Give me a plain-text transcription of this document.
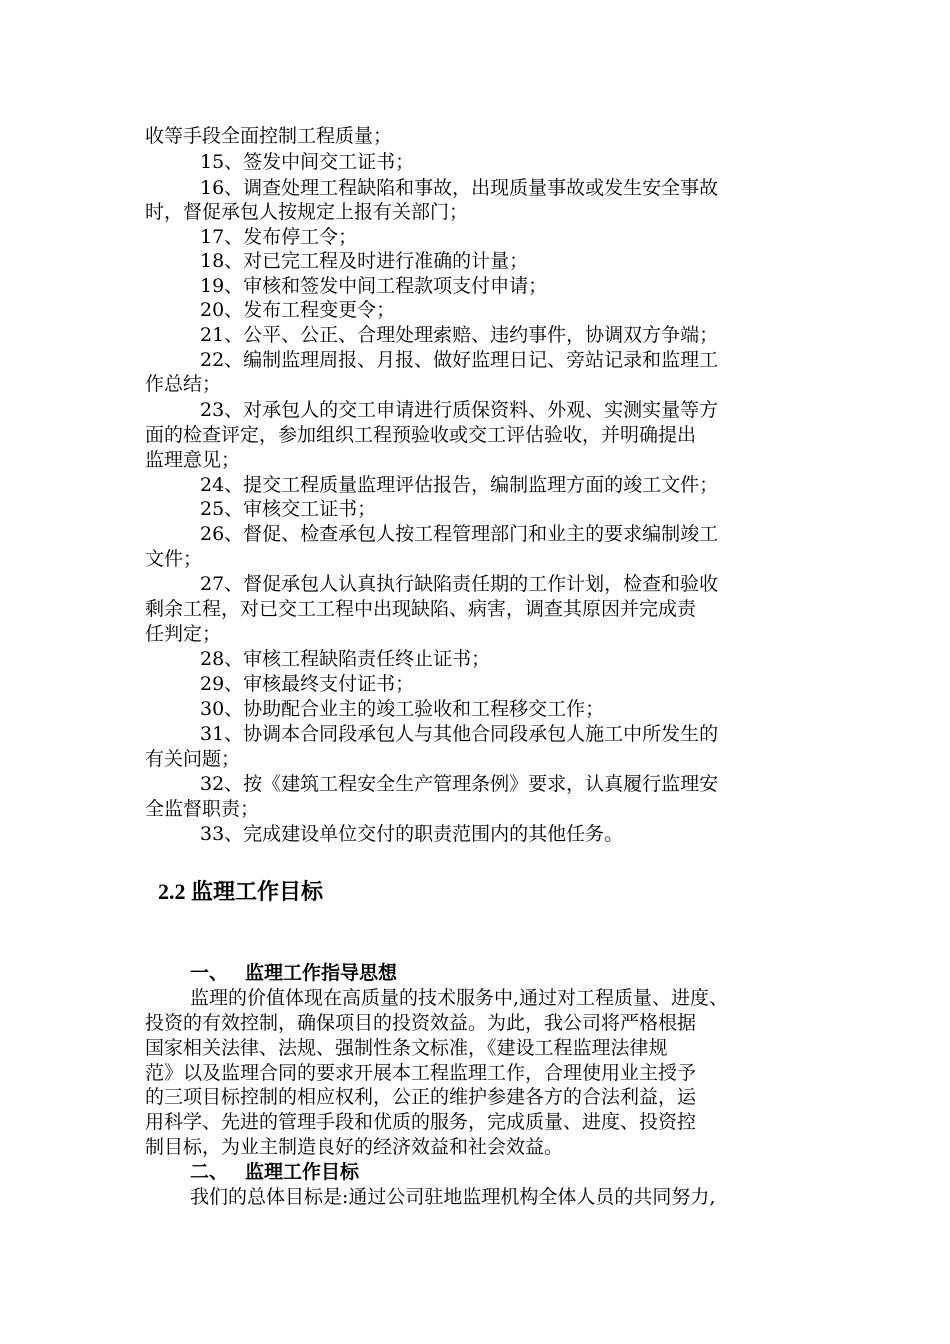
收等手段全面控制工程质量；
15、签发中间交工证书；
16、调查处理工程缺陷和事故，出现质量事故或发生安全事故
时，督促承包人按规定上报有关部门；
17、发布停工令；
18、对已完工程及时进行准确的计量；
19、审核和签发中间工程款项支付申请；
20、发布工程变更令；
21、公平、公正、合理处理索赔、违约事件，协调双方争端；
22、编制监理周报、月报、做好监理日记、旁站记录和监理工
作总结；
23、对承包人的交工申请进行质保资料、外观、实测实量等方
面的检查评定，参加组织工程预验收或交工评估验收，并明确提出
监理意见；
24、提交工程质量监理评估报告，编制监理方面的竣工文件；
25、审核交工证书；
26、督促、检查承包人按工程管理部门和业主的要求编制竣工
文件；
27、督促承包人认真执行缺陷责任期的工作计划，检查和验收
剩余工程，对已交工工程中出现缺陷、病害，调查其原因并完成责
任判定；
28、审核工程缺陷责任终止证书；
29、审核最终支付证书；
30、协助配合业主的竣工验收和工程移交工作；
31、协调本合同段承包人与其他合同段承包人施工中所发生的
有关问题；
32、按《建筑工程安全生产管理条例》要求，认真履行监理安
全监督职责；
33、完成建设单位交付的职责范围内的其他任务。
2.2 监理工作目标
一、 监理工作指导思想
监理的价值体现在高质量的技术服务中,通过对工程质量、进度、
投资的有效控制，确保项目的投资效益。为此，我公司将严格根据
国家相关法律、法规、强制性条文标准，《建设工程监理法律规
范》以及监理合同的要求开展本工程监理工作，合理使用业主授予
的三项目标控制的相应权利，公正的维护参建各方的合法利益，运
用科学、先进的管理手段和优质的服务，完成质量、进度、投资控
制目标，为业主制造良好的经济效益和社会效益。
二、 监理工作目标
我们的总体目标是:通过公司驻地监理机构全体人员的共同努力,
